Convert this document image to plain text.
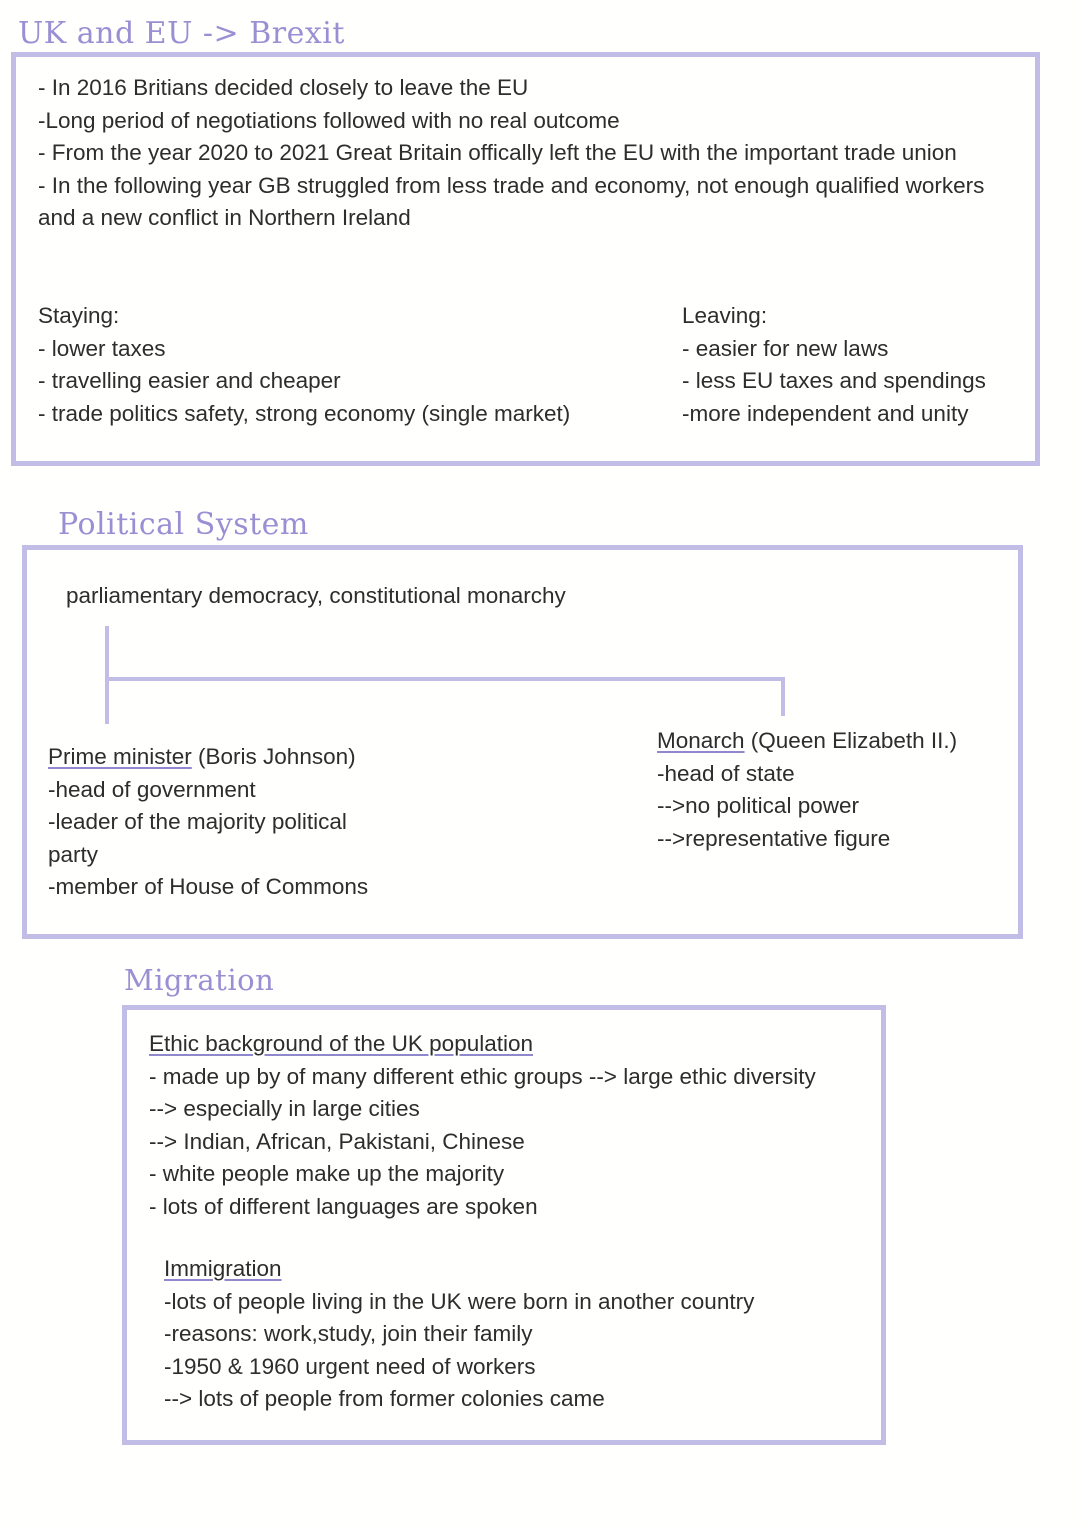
UK and EU -> Brexit
- In 2016 Britians decided closely to leave the EU
-Long period of negotiations followed with no real outcome
- From the year 2020 to 2021 Great Britain offically left the EU with the important trade union
- In the following year GB struggled from less trade and economy, not enough qualified workers and a new conflict in Northern Ireland
Staying:
- lower taxes
- travelling easier and cheaper
- trade politics safety, strong economy (single market)
Leaving:
- easier for new laws
- less EU taxes and spendings
-more independent and unity
Political System

parliamentary democracy, constitutional monarchy

Prime minister (Boris Johnson)
-head of government
-leader of the majority political party
-member of House of Commons
Monarch (Queen Elizabeth II.)
-head of state
-->no political power
-->representative figure
Migration
Ethic background of the UK population
- made up by of many different ethic groups --> large ethic diversity
--> especially in large cities
--> Indian, African, Pakistani, Chinese
- white people make up the majority
- lots of different languages are spoken
Immigration
-lots of people living in the UK were born in another country
-reasons: work,study, join their family
-1950 & 1960 urgent need of workers
--> lots of people from former colonies came
